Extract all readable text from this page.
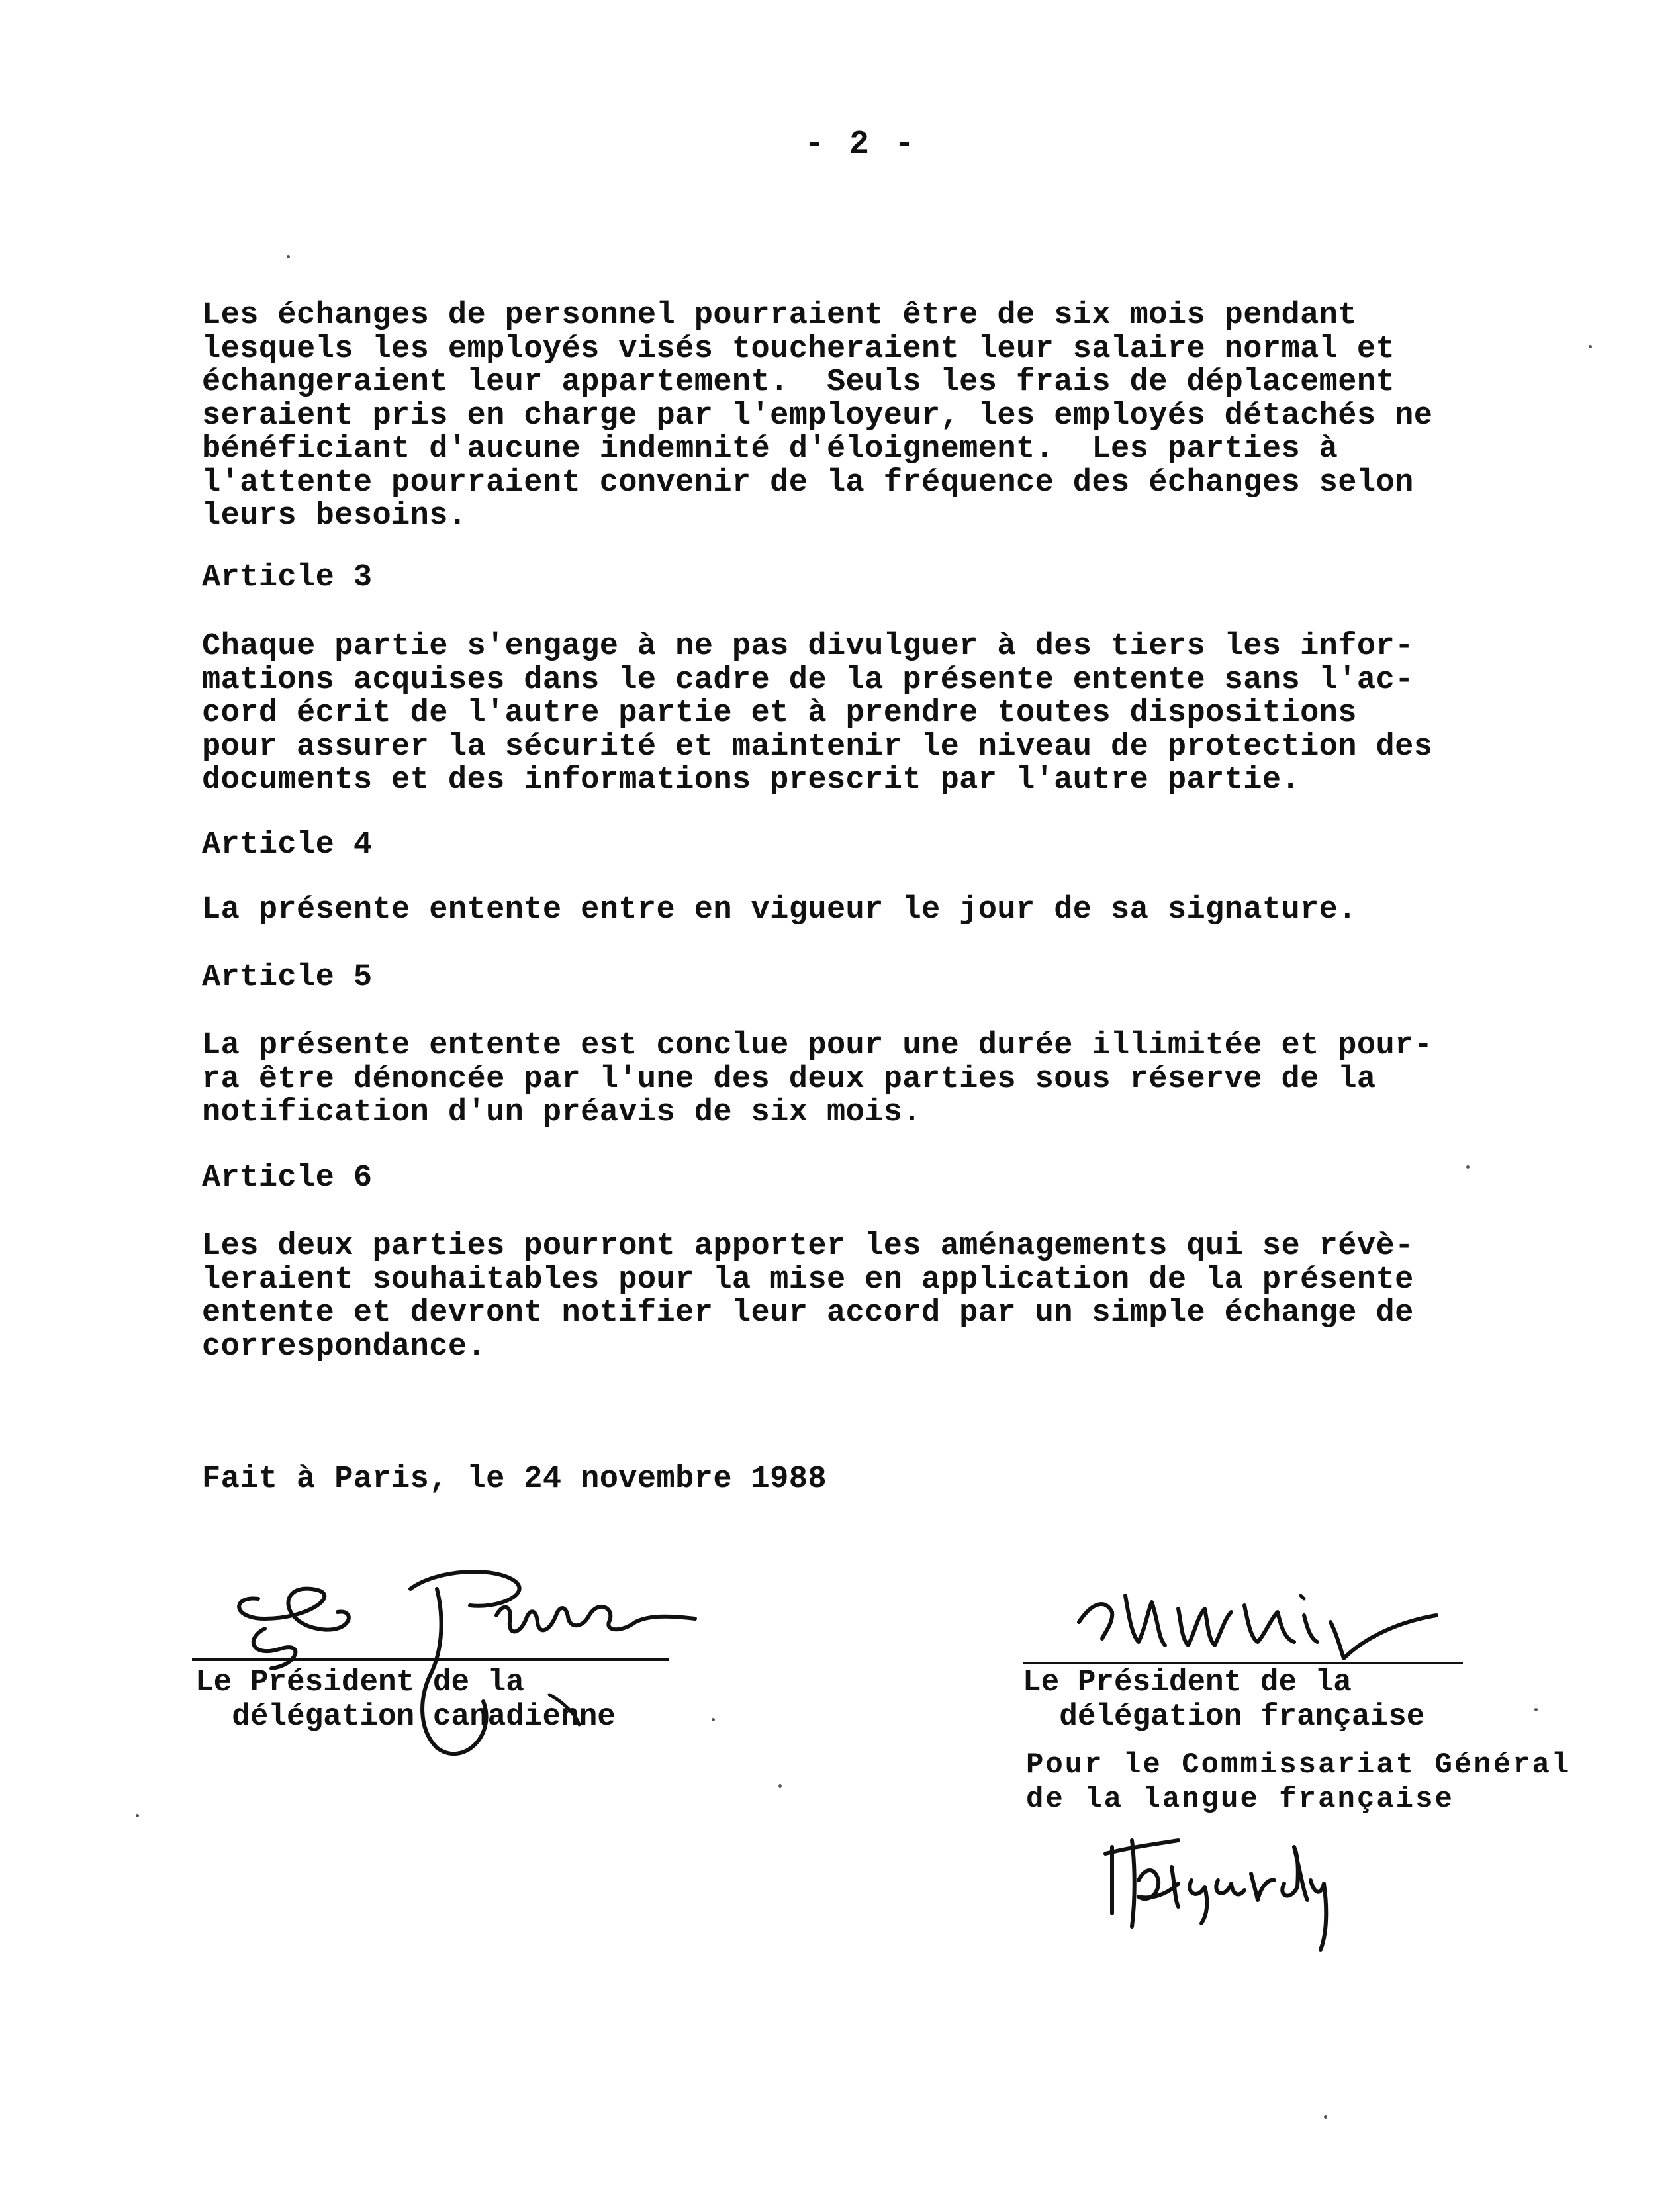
- 2 -

Les échanges de personnel pourraient être de six mois pendant
lesquels les employés visés toucheraient leur salaire normal et
échangeraient leur appartement.  Seuls les frais de déplacement
seraient pris en charge par l'employeur, les employés détachés ne
bénéficiant d'aucune indemnité d'éloignement.  Les parties à
l'attente pourraient convenir de la fréquence des échanges selon
leurs besoins.

Article 3

Chaque partie s'engage à ne pas divulguer à des tiers les infor-
mations acquises dans le cadre de la présente entente sans l'ac-
cord écrit de l'autre partie et à prendre toutes dispositions
pour assurer la sécurité et maintenir le niveau de protection des
documents et des informations prescrit par l'autre partie.

Article 4

La présente entente entre en vigueur le jour de sa signature.

Article 5

La présente entente est conclue pour une durée illimitée et pour-
ra être dénoncée par l'une des deux parties sous réserve de la
notification d'un préavis de six mois.

Article 6

Les deux parties pourront apporter les aménagements qui se révè-
leraient souhaitables pour la mise en application de la présente
entente et devront notifier leur accord par un simple échange de
correspondance.

Fait à Paris, le 24 novembre 1988

Le Président de la
délégation canadienne
Le Président de la
délégation française
Pour le Commissariat Général
de la langue française
